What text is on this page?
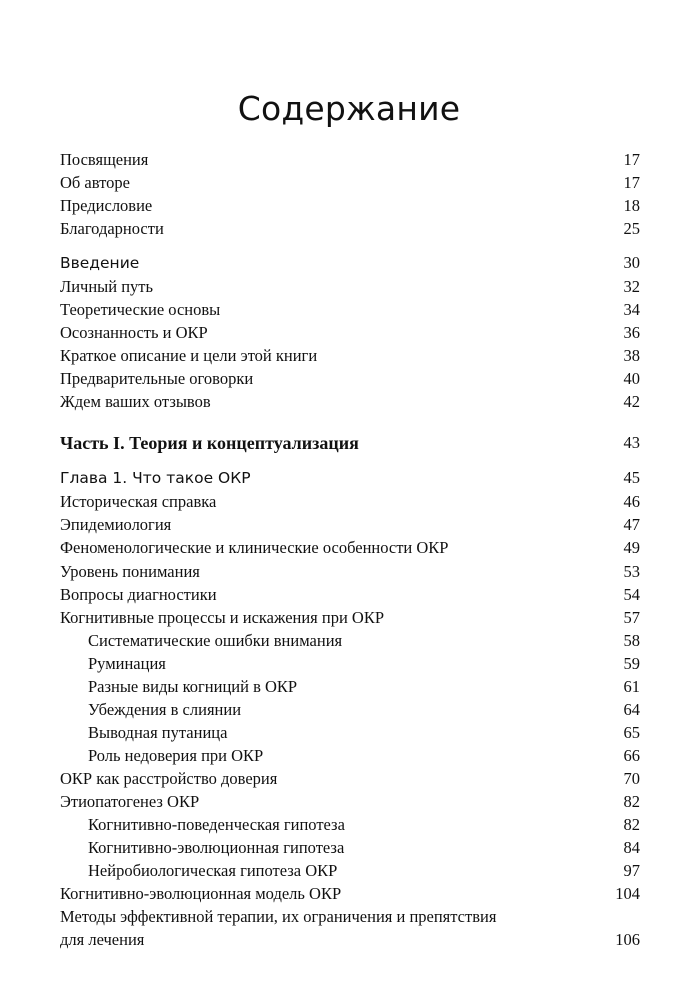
Содержание
Посвящения	17
Об авторе	17
Предисловие	18
Благодарности	25
Введение	30
Личный путь	32
Теоретические основы	34
Осознанность и ОКР	36
Краткое описание и цели этой книги	38
Предварительные оговорки	40
Ждем ваших отзывов	42
Часть I. Теория и концептуализация	43
Глава 1. Что такое ОКР	45
Историческая справка	46
Эпидемиология	47
Феноменологические и клинические особенности ОКР	49
Уровень понимания	53
Вопросы диагностики	54
Когнитивные процессы и искажения при ОКР	57
Систематические ошибки внимания	58
Руминация	59
Разные виды когниций в ОКР	61
Убеждения в слиянии	64
Выводная путаница	65
Роль недоверия при ОКР	66
ОКР как расстройство доверия	70
Этиопатогенез ОКР	82
Когнитивно-поведенческая гипотеза	82
Когнитивно-эволюционная гипотеза	84
Нейробиологическая гипотеза ОКР	97
Когнитивно-эволюционная модель ОКР	104
Методы эффективной терапии, их ограничения и препятствия
для лечения	106
